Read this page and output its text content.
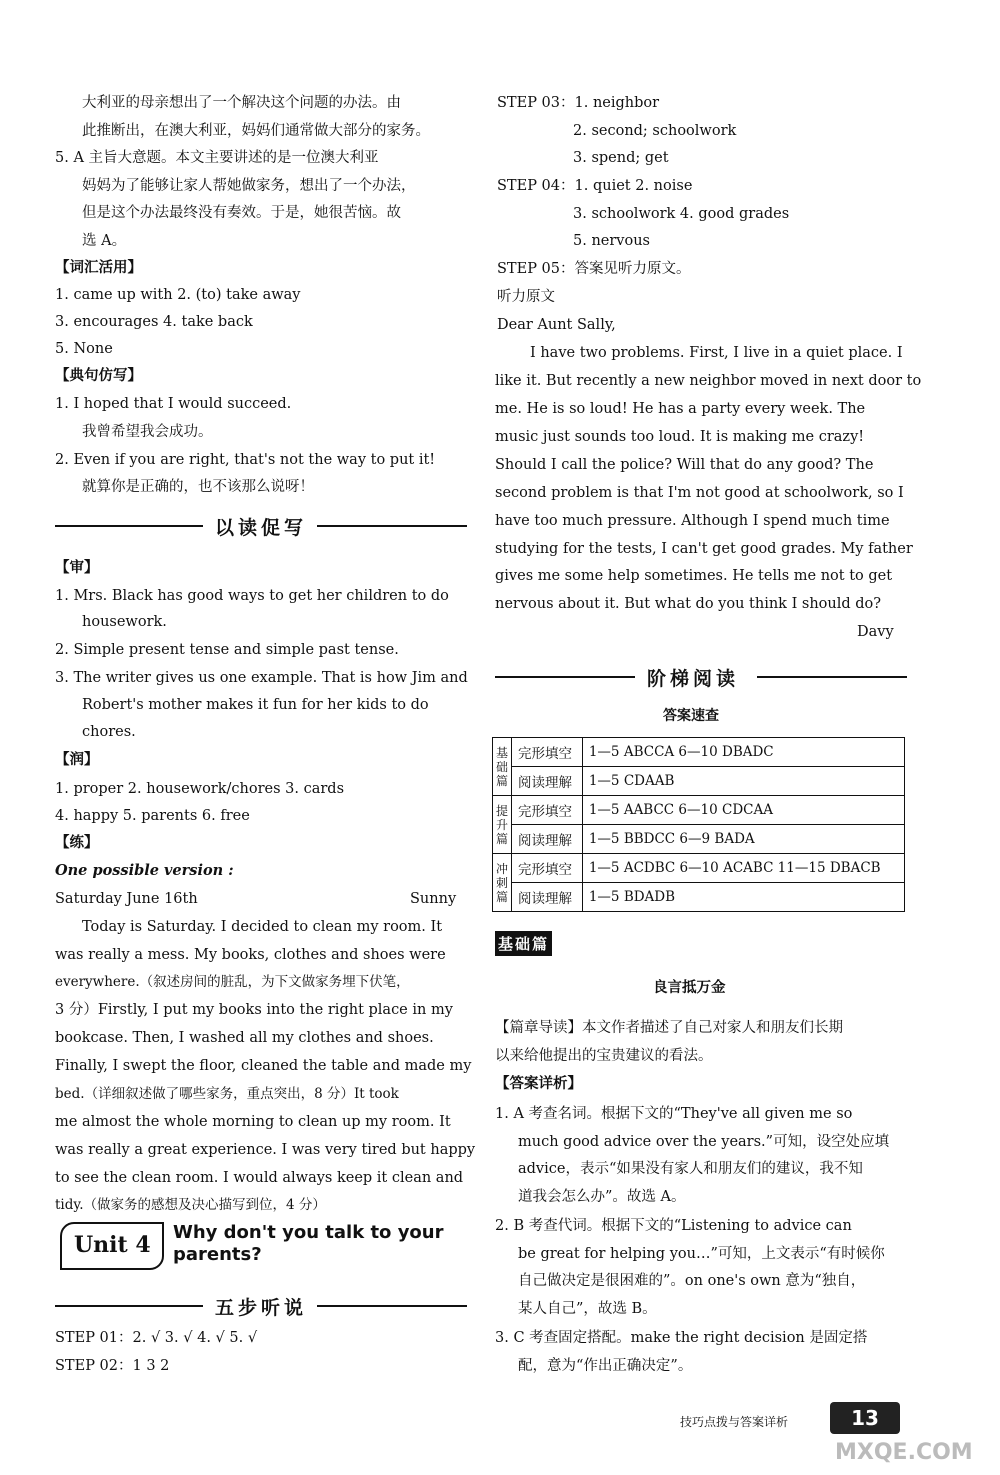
大利亚的母亲想出了一个解决这个问题的办法。由
此推断出，在澳大利亚，妈妈们通常做大部分的家务。
5. A 主旨大意题。本文主要讲述的是一位澳大利亚
妈妈为了能够让家人帮她做家务，想出了一个办法，
但是这个办法最终没有奏效。于是，她很苦恼。故
选 A。
【词汇活用】
1. came up with 2. (to) take away
3. encourages 4. take back
5. None
【典句仿写】
1. I hoped that I would succeed.
我曾希望我会成功。
2. Even if you are right, that's not the way to put it!
就算你是正确的，也不该那么说呀！
以读促写
【审】
1. Mrs. Black has good ways to get her children to do
housework.
2. Simple present tense and simple past tense.
3. The writer gives us one example. That is how Jim and
Robert's mother makes it fun for her kids to do
chores.
【润】
1. proper 2. housework/chores 3. cards
4. happy 5. parents 6. free
【练】
One possible version :
Saturday June 16th	Sunny
Today is Saturday. I decided to clean my room. It
was really a mess. My books, clothes and shoes were
everywhere.（叙述房间的脏乱，为下文做家务埋下伏笔，
3 分）Firstly, I put my books into the right place in my
bookcase. Then, I washed all my clothes and shoes.
Finally, I swept the floor, cleaned the table and made my
bed.（详细叙述做了哪些家务，重点突出，8 分）It took
me almost the whole morning to clean up my room. It
was really a great experience. I was very tired but happy
to see the clean room. I would always keep it clean and
tidy.（做家务的感想及决心描写到位，4 分）
Unit 4 Why don't you talk to your
parents?
五步听说
STEP 01：2. √ 3. √ 4. √ 5. √
STEP 02：1 3 2
STEP 03：1. neighbor
2. second; schoolwork
3. spend; get
STEP 04：1. quiet 2. noise
3. schoolwork 4. good grades
5. nervous
STEP 05：答案见听力原文。
听力原文
Dear Aunt Sally,
I have two problems. First, I live in a quiet place. I
like it. But recently a new neighbor moved in next door to
me. He is so loud! He has a party every week. The
music just sounds too loud. It is making me crazy!
Should I call the police? Will that do any good? The
second problem is that I'm not good at schoolwork, so I
have too much pressure. Although I spend much time
studying for the tests, I can't get good grades. My father
gives me some help sometimes. He tells me not to get
nervous about it. But what do you think I should do?
Davy
阶梯阅读
答案速查
基础篇	完形填空	1—5 ABCCA 6—10 DBADC
	阅读理解	1—5 CDAAB
提升篇	完形填空	1—5 AABCC 6—10 CDCAA
	阅读理解	1—5 BBDCC 6—9 BADA
冲刺篇	完形填空	1—5 ACDBC 6—10 ACABC 11—15 DBACB
	阅读理解	1—5 BDADB
基础篇
良言抵万金
【篇章导读】本文作者描述了自己对家人和朋友们长期
以来给他提出的宝贵建议的看法。
【答案详析】
1. A 考查名词。根据下文的“They've all given me so
much good advice over the years.”可知，设空处应填
advice，表示“如果没有家人和朋友们的建议，我不知
道我会怎么办”。故选 A。
2. B 考查代词。根据下文的“Listening to advice can
be great for helping you…”可知，上文表示“有时候你
自己做决定是很困难的”。on one's own 意为“独自，
某人自己”，故选 B。
3. C 考查固定搭配。make the right decision 是固定搭
配，意为“作出正确决定”。
技巧点拨与答案详析	13
MXQE.COM
